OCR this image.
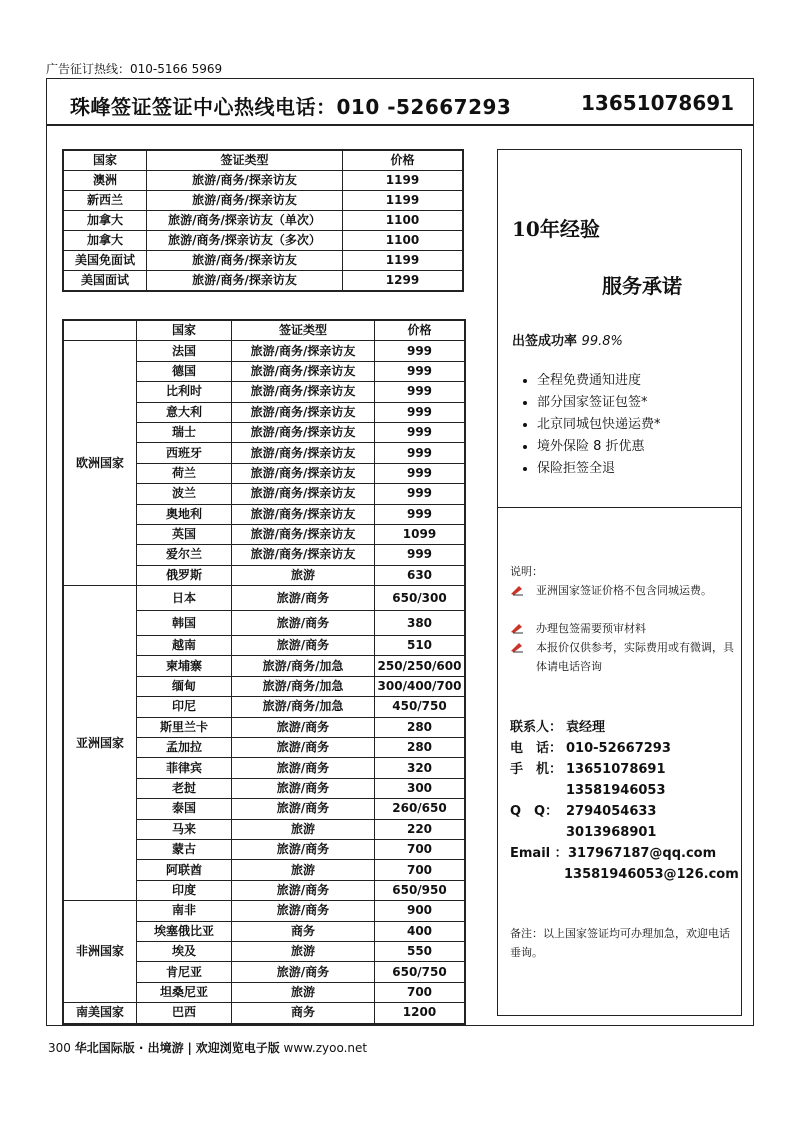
广告征订热线：010-5166 5969
珠峰签证签证中心热线电话：010 -52667293	13651078691
国家	签证类型	价格
澳洲	旅游/商务/探亲访友	1199
新西兰	旅游/商务/探亲访友	1199
加拿大	旅游/商务/探亲访友（单次）	1100
加拿大	旅游/商务/探亲访友（多次）	1100
美国免面试	旅游/商务/探亲访友	1199
美国面试	旅游/商务/探亲访友	1299
	国家	签证类型	价格
欧洲国家	法国	旅游/商务/探亲访友	999
	德国	旅游/商务/探亲访友	999
	比利时	旅游/商务/探亲访友	999
	意大利	旅游/商务/探亲访友	999
	瑞士	旅游/商务/探亲访友	999
	西班牙	旅游/商务/探亲访友	999
	荷兰	旅游/商务/探亲访友	999
	波兰	旅游/商务/探亲访友	999
	奥地利	旅游/商务/探亲访友	999
	英国	旅游/商务/探亲访友	1099
	爱尔兰	旅游/商务/探亲访友	999
	俄罗斯	旅游	630
亚洲国家	日本	旅游/商务	650/300
	韩国	旅游/商务	380
	越南	旅游/商务	510
	柬埔寨	旅游/商务/加急	250/250/600
	缅甸	旅游/商务/加急	300/400/700
	印尼	旅游/商务/加急	450/750
	斯里兰卡	旅游/商务	280
	孟加拉	旅游/商务	280
	菲律宾	旅游/商务	320
	老挝	旅游/商务	300
	泰国	旅游/商务	260/650
	马来	旅游	220
	蒙古	旅游/商务	700
	阿联酋	旅游	700
	印度	旅游/商务	650/950
非洲国家	南非	旅游/商务	900
	埃塞俄比亚	商务	400
	埃及	旅游	550
	肯尼亚	旅游/商务	650/750
	坦桑尼亚	旅游	700
南美国家	巴西	商务	1200
10年经验
服务承诺
出签成功率 99.8%
• 全程免费通知进度
• 部分国家签证包签*
• 北京同城包快递运费*
• 境外保险 8 折优惠
• 保险拒签全退
说明：
亚洲国家签证价格不包含同城运费。
办理包签需要预审材料
本报价仅供参考，实际费用或有微调，具体请电话咨询
联系人： 袁经理
电　话： 010-52667293
手　机： 13651078691
13581946053
Q　Q： 2794054633
3013968901
Email ： 317967187@qq.com
13581946053@126.com
备注：以上国家签证均可办理加急，欢迎电话垂询。
300 华北国际版 · 出境游 | 欢迎浏览电子版 www.zyoo.net
